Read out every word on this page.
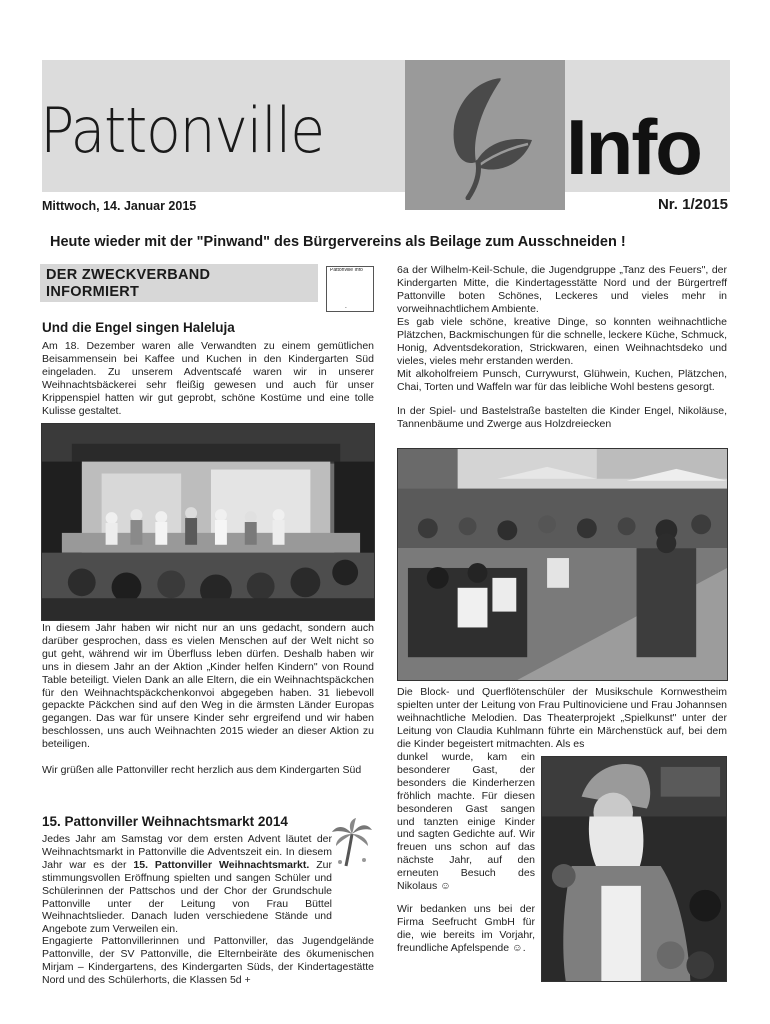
Pattonville	Info
Mittwoch, 14. Januar 2015	Nr. 1/2015
Heute wieder mit der "Pinwand" des Bürgervereins als Beilage zum Ausschneiden !
DER ZWECKVERBAND
INFORMIERT
Pattonville Info
-
Und die Engel singen Haleluja
Am 18. Dezember waren alle Verwandten zu einem gemütlichen Beisammensein bei Kaffee und Kuchen in den Kindergarten Süd eingeladen. Zu unserem Adventscafé waren wir in unserer Weihnachtsbäckerei sehr fleißig gewesen und auch für unser Krippenspiel hatten wir gut geprobt, schöne Kostüme und eine tolle Kulisse gestaltet.
In diesem Jahr haben wir nicht nur an uns gedacht, sondern auch darüber gesprochen, dass es vielen Menschen auf der Welt nicht so gut geht, während wir im Überfluss leben dürfen. Deshalb haben wir uns in diesem Jahr an der Aktion „Kinder helfen Kindern" von Round Table beteiligt. Vielen Dank an alle Eltern, die ein Weihnachtspäckchen für den Weihnachtspäckchenkonvoi abgegeben haben. 31 liebevoll gepackte Päckchen sind auf den Weg in die ärmsten Länder Europas gegangen. Das war für unsere Kinder sehr ergreifend und wir haben beschlossen, uns auch Weihnachten 2015 wieder an dieser Aktion zu beteiligen.
Wir grüßen alle Pattonviller recht herzlich aus dem Kindergarten Süd
15. Pattonviller Weihnachtsmarkt 2014
Jedes Jahr am Samstag vor dem ersten Advent läutet der Weihnachtsmarkt in Pattonville die Adventszeit ein. In diesem Jahr war es der 15. Pattonviller Weihnachtsmarkt. Zur stimmungsvollen Eröffnung spielten und sangen Schüler und Schülerinnen der Pattschos und der Chor der Grundschule Pattonville unter der Leitung von Frau Büttel Weihnachtslieder. Danach luden verschiedene Stände und Angebote zum Verweilen ein.
Engagierte Pattonvillerinnen und Pattonviller, das Jugendgelände Pattonville, der SV Pattonville, die Elternbeiräte des ökumenischen Mirjam – Kindergartens, des Kindergarten Süds, der Kindertagestätte Nord und des Schülerhorts, die Klassen 5d +
6a der Wilhelm-Keil-Schule, die Jugendgruppe „Tanz des Feuers", der Kindergarten Mitte, die Kindertagesstätte Nord und der Bürgertreff Pattonville boten Schönes, Leckeres und vieles mehr in vorweihnachtlichem Ambiente.
Es gab viele schöne, kreative Dinge, so konnten weihnachtliche Plätzchen, Backmischungen für die schnelle, leckere Küche, Schmuck, Honig, Adventsdekoration, Strickwaren, einen Weihnachtsdeko und vieles, vieles mehr erstanden werden.
Mit alkoholfreiem Punsch, Currywurst, Glühwein, Kuchen, Plätzchen, Chai, Torten und Waffeln war für das leibliche Wohl bestens gesorgt.
In der Spiel- und Bastelstraße bastelten die Kinder Engel, Nikoläuse, Tannenbäume und Zwerge aus Holzdreiecken
Die Block- und Querflötenschüler der Musikschule Kornwestheim spielten unter der Leitung von Frau Pultinoviciene und Frau Johannsen weihnachtliche Melodien. Das Theaterprojekt „Spielkunst" unter der Leitung von Claudia Kuhlmann führte ein Märchenstück auf, bei dem die Kinder begeistert mitmachten. Als es
dunkel wurde, kam ein besonderer Gast, der besonders die Kinderherzen fröhlich machte. Für diesen besonderen Gast sangen und tanzten einige Kinder und sagten Gedichte auf. Wir freuen uns schon auf das nächste Jahr, auf den erneuten Besuch des Nikolaus ☺
Wir bedanken uns bei der Firma Seefrucht GmbH für die, wie bereits im Vorjahr, freundliche Apfelspende ☺.
